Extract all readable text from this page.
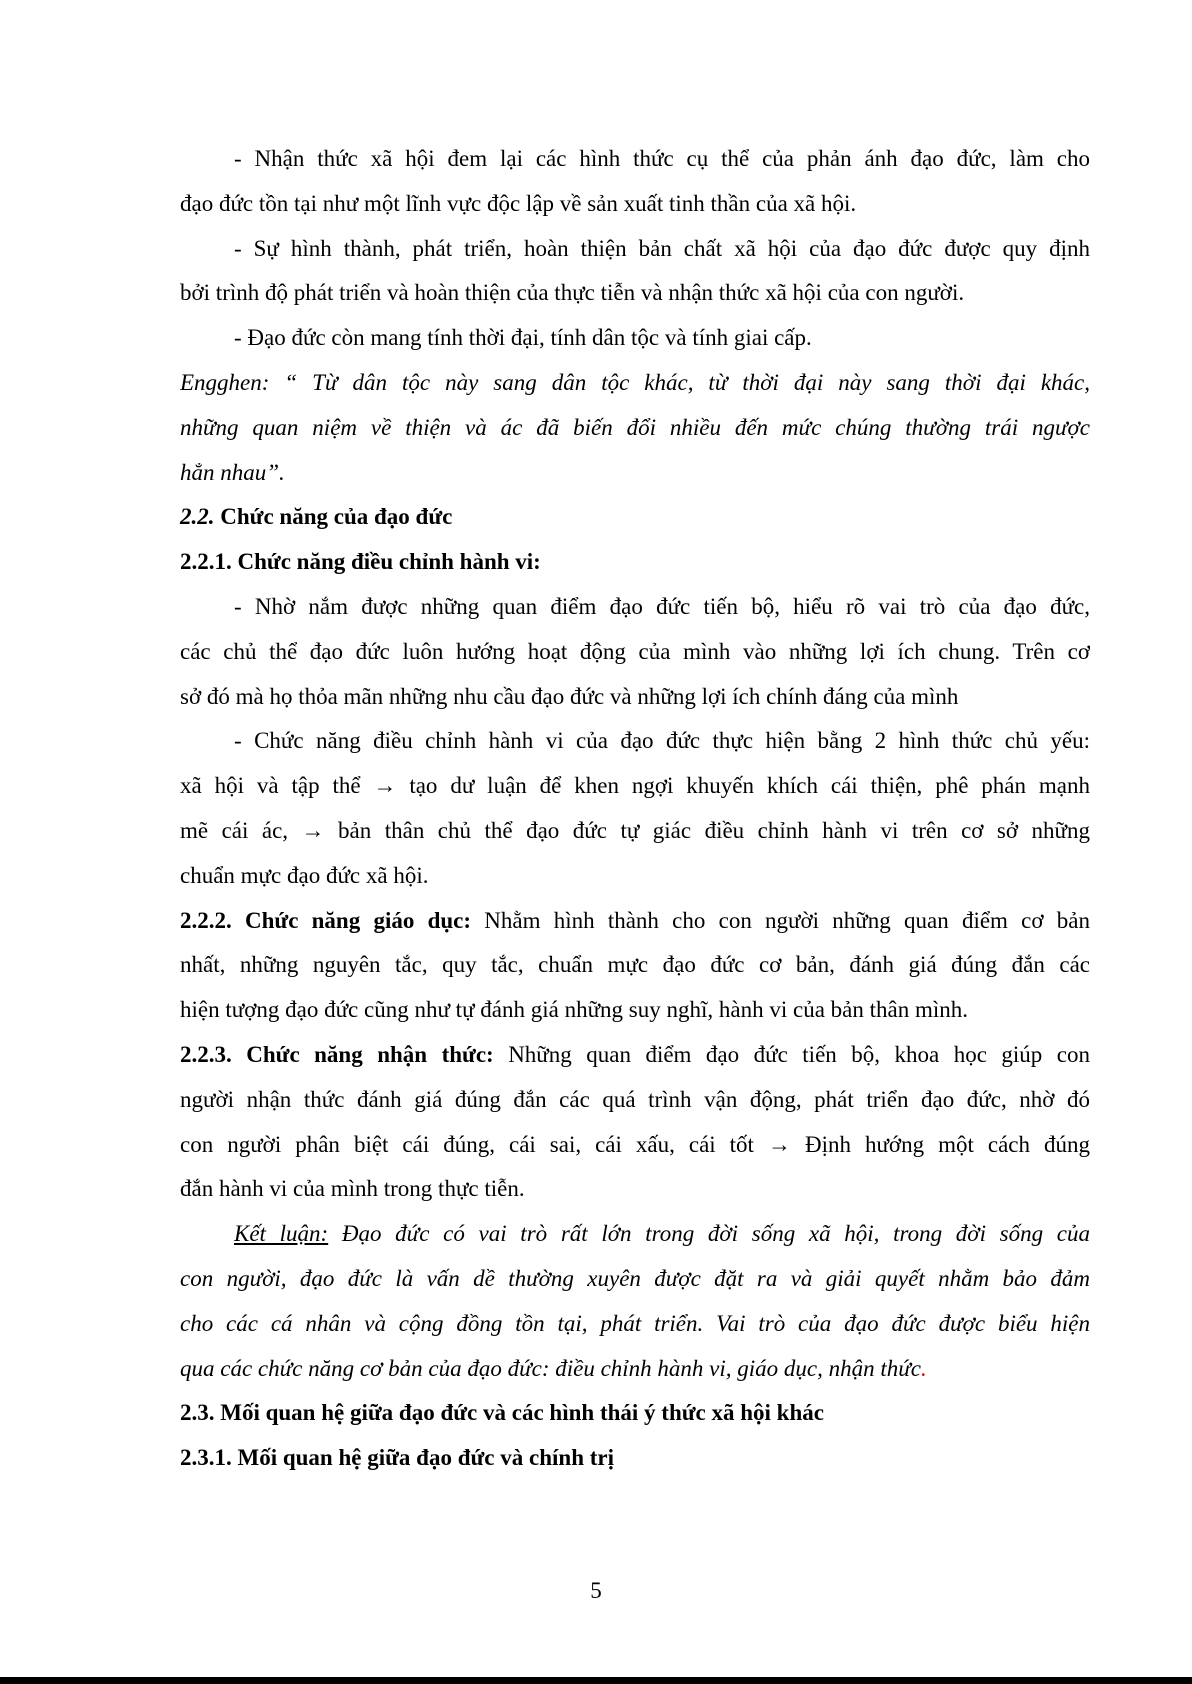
- Nhận thức xã hội đem lại các hình thức cụ thể của phản ánh đạo đức, làm cho
đạo đức tồn tại như một lĩnh vực độc lập về sản xuất tinh thần của xã hội.
- Sự hình thành, phát triển, hoàn thiện bản chất xã hội của đạo đức được quy định
bởi trình độ phát triển và hoàn thiện của thực tiễn và nhận thức xã hội của con người.
- Đạo đức còn mang tính thời đại, tính dân tộc và tính giai cấp.
Engghen: “ Từ dân tộc này sang dân tộc khác, từ thời đại này sang thời đại khác,
những quan niệm về thiện và ác đã biến đổi nhiều đến mức chúng thường trái ngược
hẳn nhau”.
2.2. Chức năng của đạo đức
2.2.1. Chức năng điều chỉnh hành vi:
- Nhờ nắm được những quan điểm đạo đức tiến bộ, hiểu rõ vai trò của đạo đức,
các chủ thể đạo đức luôn hướng hoạt động của mình vào những lợi ích chung. Trên cơ
sở đó mà họ thỏa mãn những nhu cầu đạo đức và những lợi ích chính đáng của mình
- Chức năng điều chỉnh hành vi của đạo đức thực hiện bằng 2 hình thức chủ yếu:
xã hội và tập thể → tạo dư luận để khen ngợi khuyến khích cái thiện, phê phán mạnh
mẽ cái ác, → bản thân chủ thể đạo đức tự giác điều chỉnh hành vi trên cơ sở những
chuẩn mực đạo đức xã hội.
2.2.2. Chức năng giáo dục: Nhằm hình thành cho con người những quan điểm cơ bản
nhất, những nguyên tắc, quy tắc, chuẩn mực đạo đức cơ bản, đánh giá đúng đắn các
hiện tượng đạo đức cũng như tự đánh giá những suy nghĩ, hành vi của bản thân mình.
2.2.3. Chức năng nhận thức: Những quan điểm đạo đức tiến bộ, khoa học giúp con
người nhận thức đánh giá đúng đắn các quá trình vận động, phát triển đạo đức, nhờ đó
con người phân biệt cái đúng, cái sai, cái xấu, cái tốt → Định hướng một cách đúng
đắn hành vi của mình trong thực tiễn.
Kết luận: Đạo đức có vai trò rất lớn trong đời sống xã hội, trong đời sống của
con người, đạo đức là vấn dề thường xuyên được đặt ra và giải quyết nhằm bảo đảm
cho các cá nhân và cộng đồng tồn tại, phát triển. Vai trò của đạo đức được biểu hiện
qua các chức năng cơ bản của đạo đức: điều chỉnh hành vi, giáo dục, nhận thức.
2.3. Mối quan hệ giữa đạo đức và các hình thái ý thức xã hội khác
2.3.1. Mối quan hệ giữa đạo đức và chính trị
5
